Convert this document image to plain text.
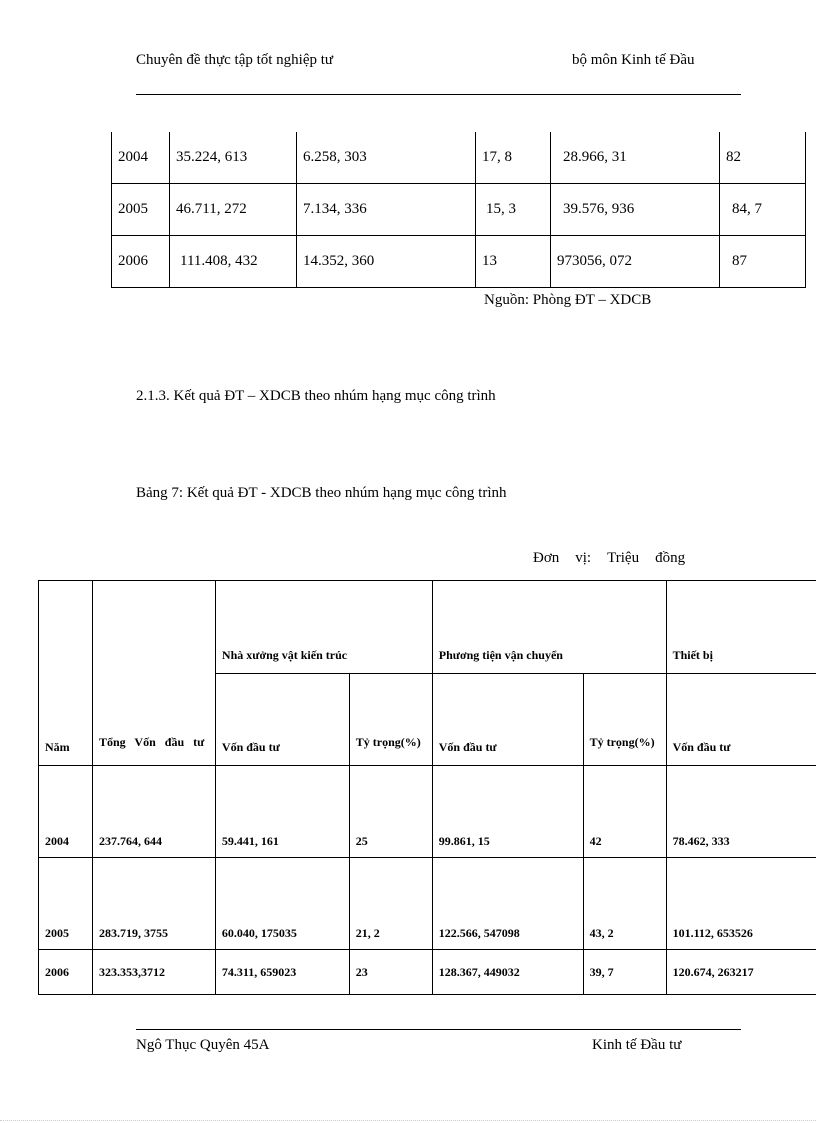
Chuyên đề thực tập tốt nghiệp tư	bộ môn Kinh tế Đầu
2004	35.224, 613	6.258, 303	17, 8	28.966, 31	82
2005	46.711, 272	7.134, 336	15, 3	39.576, 936	84, 7
2006	111.408, 432	14.352, 360	13	973056, 072	87
Nguồn: Phòng ĐT – XDCB
2.1.3. Kết quả ĐT – XDCB theo nhúm hạng mục công trình
Bảng 7: Kết quả ĐT - XDCB theo nhúm hạng mục công trình
Đơn vị: Triệu đồng
Năm	Tổng Vốn đầu tư	Nhà xưởng vật kiến trúc		Phương tiện vận chuyển		Thiết bị
		Vốn đầu tư	Tỷ trọng(%)	Vốn đầu tư	Tỷ trọng(%)	Vốn đầu tư
2004	237.764, 644	59.441, 161	25	99.861, 15	42	78.462, 333
2005	283.719, 3755	60.040, 175035	21, 2	122.566, 547098	43, 2	101.112, 653526
2006	323.353,3712	74.311, 659023	23	128.367, 449032	39, 7	120.674, 263217
Ngô Thục Quyên 45A	Kinh tế Đầu tư
